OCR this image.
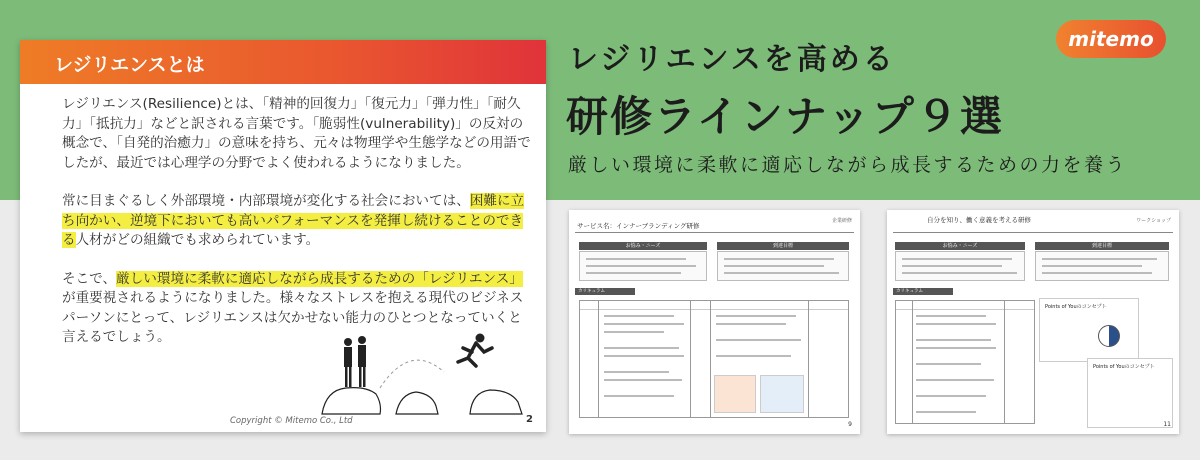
レジリエンスとは

レジリエンス(Resilience)とは、「精神的回復力」「復元力」「弾力性」「耐久力」「抵抗力」などと訳される言葉です。「脆弱性(vulnerability)」の反対の概念で、「自発的治癒力」の意味を持ち、元々は物理学や生態学などの用語でしたが、最近では心理学の分野でよく使われるようになりました。

常に目まぐるしく外部環境・内部環境が変化する社会においては、困難に立ち向かい、逆境下においても高いパフォーマンスを発揮し続けることのできる人材がどの組織でも求められています。

そこで、厳しい環境に柔軟に適応しながら成長するための「レジリエンス」が重要視されるようになりました。様々なストレスを抱える現代のビジネスパーソンにとって、レジリエンスは欠かせない能力のひとつとなっていくと言えるでしょう。

Copyright © Mitemo Co., Ltd	2
レジリエンスを高める
研修ラインナップ９選
厳しい環境に柔軟に適応しながら成長するための力を養う
mitemo
サービス名：インナーブランディング研修
企業研修
お悩み・ニーズ	到達目標
カリキュラム
9
自分を知り、働く意義を考える研修	ワークショップ
お悩み・ニーズ	到達目標
カリキュラム
Points of Youのコンセプト
Points of Youのコンセプト
11
